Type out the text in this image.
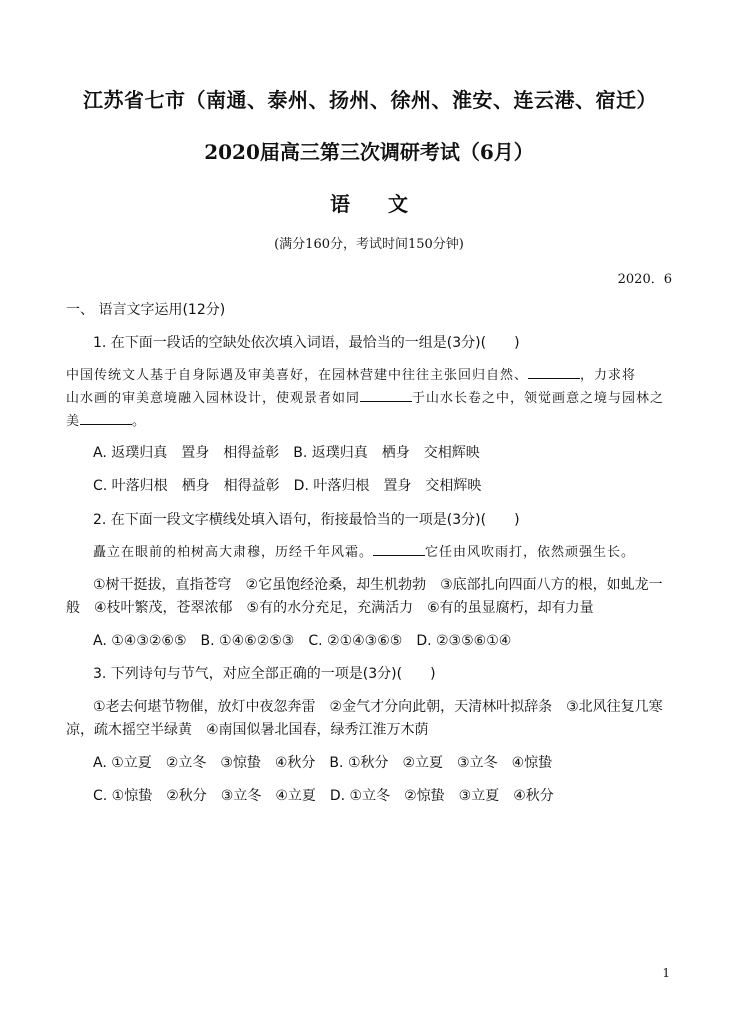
江苏省七市（南通、泰州、扬州、徐州、淮安、连云港、宿迁）
2020届高三第三次调研考试（6月）
语文
(满分160分，考试时间150分钟)
2020．6
一、 语言文字运用(12分)
1. 在下面一段话的空缺处依次填入词语，最恰当的一组是(3分)(　　)
中国传统文人基于自身际遇及审美喜好，在园林营建中往往主张回归自然、	，力求将
山水画的审美意境融入园林设计，使观景者如同	于山水长卷之中，领觉画意之境与园林之
美	。
A. 返璞归真　置身　相得益彰　B. 返璞归真　栖身　交相辉映
C. 叶落归根　栖身　相得益彰　D. 叶落归根　置身　交相辉映
2. 在下面一段文字横线处填入语句，衔接最恰当的一项是(3分)(　　)
矗立在眼前的柏树高大肃穆，历经千年风霜。	它任由风吹雨打，依然顽强生长。
①树干挺拔，直指苍穹　②它虽饱经沧桑，却生机勃勃　③底部扎向四面八方的根，如虬龙一
般　④枝叶繁茂，苍翠浓郁　⑤有的水分充足，充满活力　⑥有的虽显腐朽，却有力量
A. ①④③②⑥⑤　B. ①④⑥②⑤③　C. ②①④③⑥⑤　D. ②③⑤⑥①④
3. 下列诗句与节气，对应全部正确的一项是(3分)(　　)
①老去何堪节物催，放灯中夜忽奔雷　②金气才分向此朝，天清林叶拟辞条　③北风往复几寒
凉，疏木摇空半绿黄　④南国似暑北国春，绿秀江淮万木荫
A. ①立夏　②立冬　③惊蛰　④秋分　B. ①秋分　②立夏　③立冬　④惊蛰
C. ①惊蛰　②秋分　③立冬　④立夏　D. ①立冬　②惊蛰　③立夏　④秋分
1
